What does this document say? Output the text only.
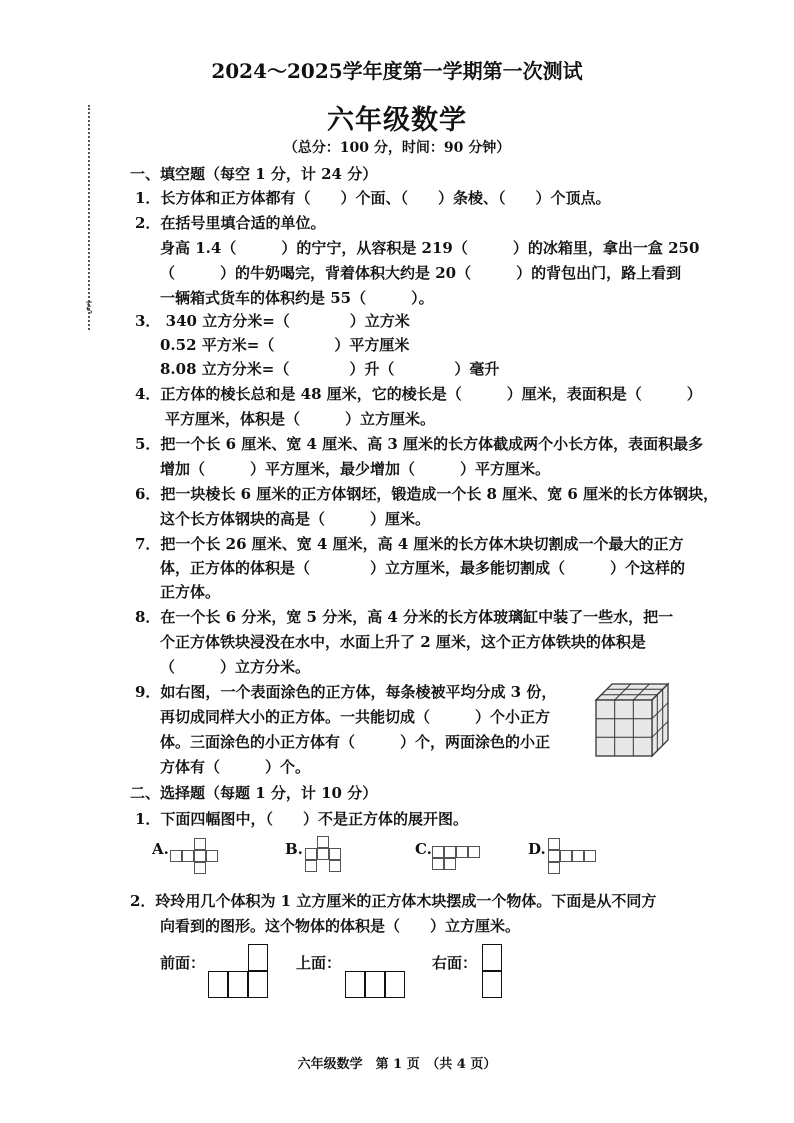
ξ
2024～2025学年度第一学期第一次测试
六年级数学
（总分：100 分，时间：90 分钟）
一、填空题（每空 1 分，计 24 分）
1．长方体和正方体都有（　　）个面、（　　）条棱、（　　）个顶点。
2．在括号里填合适的单位。
身高 1.4（　　　）的宁宁，从容积是 219（　　　）的冰箱里，拿出一盒 250
（　　　）的牛奶喝完，背着体积大约是 20（　　　）的背包出门，路上看到
一辆箱式货车的体积约是 55（　　　）。
3． 340 立方分米=（　　　　）立方米
0.52 平方米=（　　　　）平方厘米
8.08 立方分米=（　　　　）升（　　　　）毫升
4．正方体的棱长总和是 48 厘米，它的棱长是（　　　）厘米，表面积是（　　　）
平方厘米，体积是（　　　）立方厘米。
5．把一个长 6 厘米、宽 4 厘米、高 3 厘米的长方体截成两个小长方体，表面积最多
增加（　　　）平方厘米，最少增加（　　　）平方厘米。
6．把一块棱长 6 厘米的正方体钢坯，锻造成一个长 8 厘米、宽 6 厘米的长方体钢块，
这个长方体钢块的高是（　　　）厘米。
7．把一个长 26 厘米、宽 4 厘米，高 4 厘米的长方体木块切割成一个最大的正方
体，正方体的体积是（　　　　）立方厘米，最多能切割成（　　　）个这样的
正方体。
8．在一个长 6 分米，宽 5 分米，高 4 分米的长方体玻璃缸中装了一些水，把一
个正方体铁块浸没在水中，水面上升了 2 厘米，这个正方体铁块的体积是
（　　　）立方分米。
9．如右图，一个表面涂色的正方体，每条棱被平均分成 3 份，
再切成同样大小的正方体。一共能切成（　　　）个小正方
体。三面涂色的小正方体有（　　　）个，两面涂色的小正
方体有（　　　）个。
二、选择题（每题 1 分，计 10 分）
1．下面四幅图中，（　　）不是正方体的展开图。
A.	B.	C.	D.
2．玲玲用几个体积为 1 立方厘米的正方体木块摆成一个物体。下面是从不同方
向看到的图形。这个物体的体积是（　　）立方厘米。
前面：	上面：	右面：
六年级数学　第 1 页　（共 4 页）
